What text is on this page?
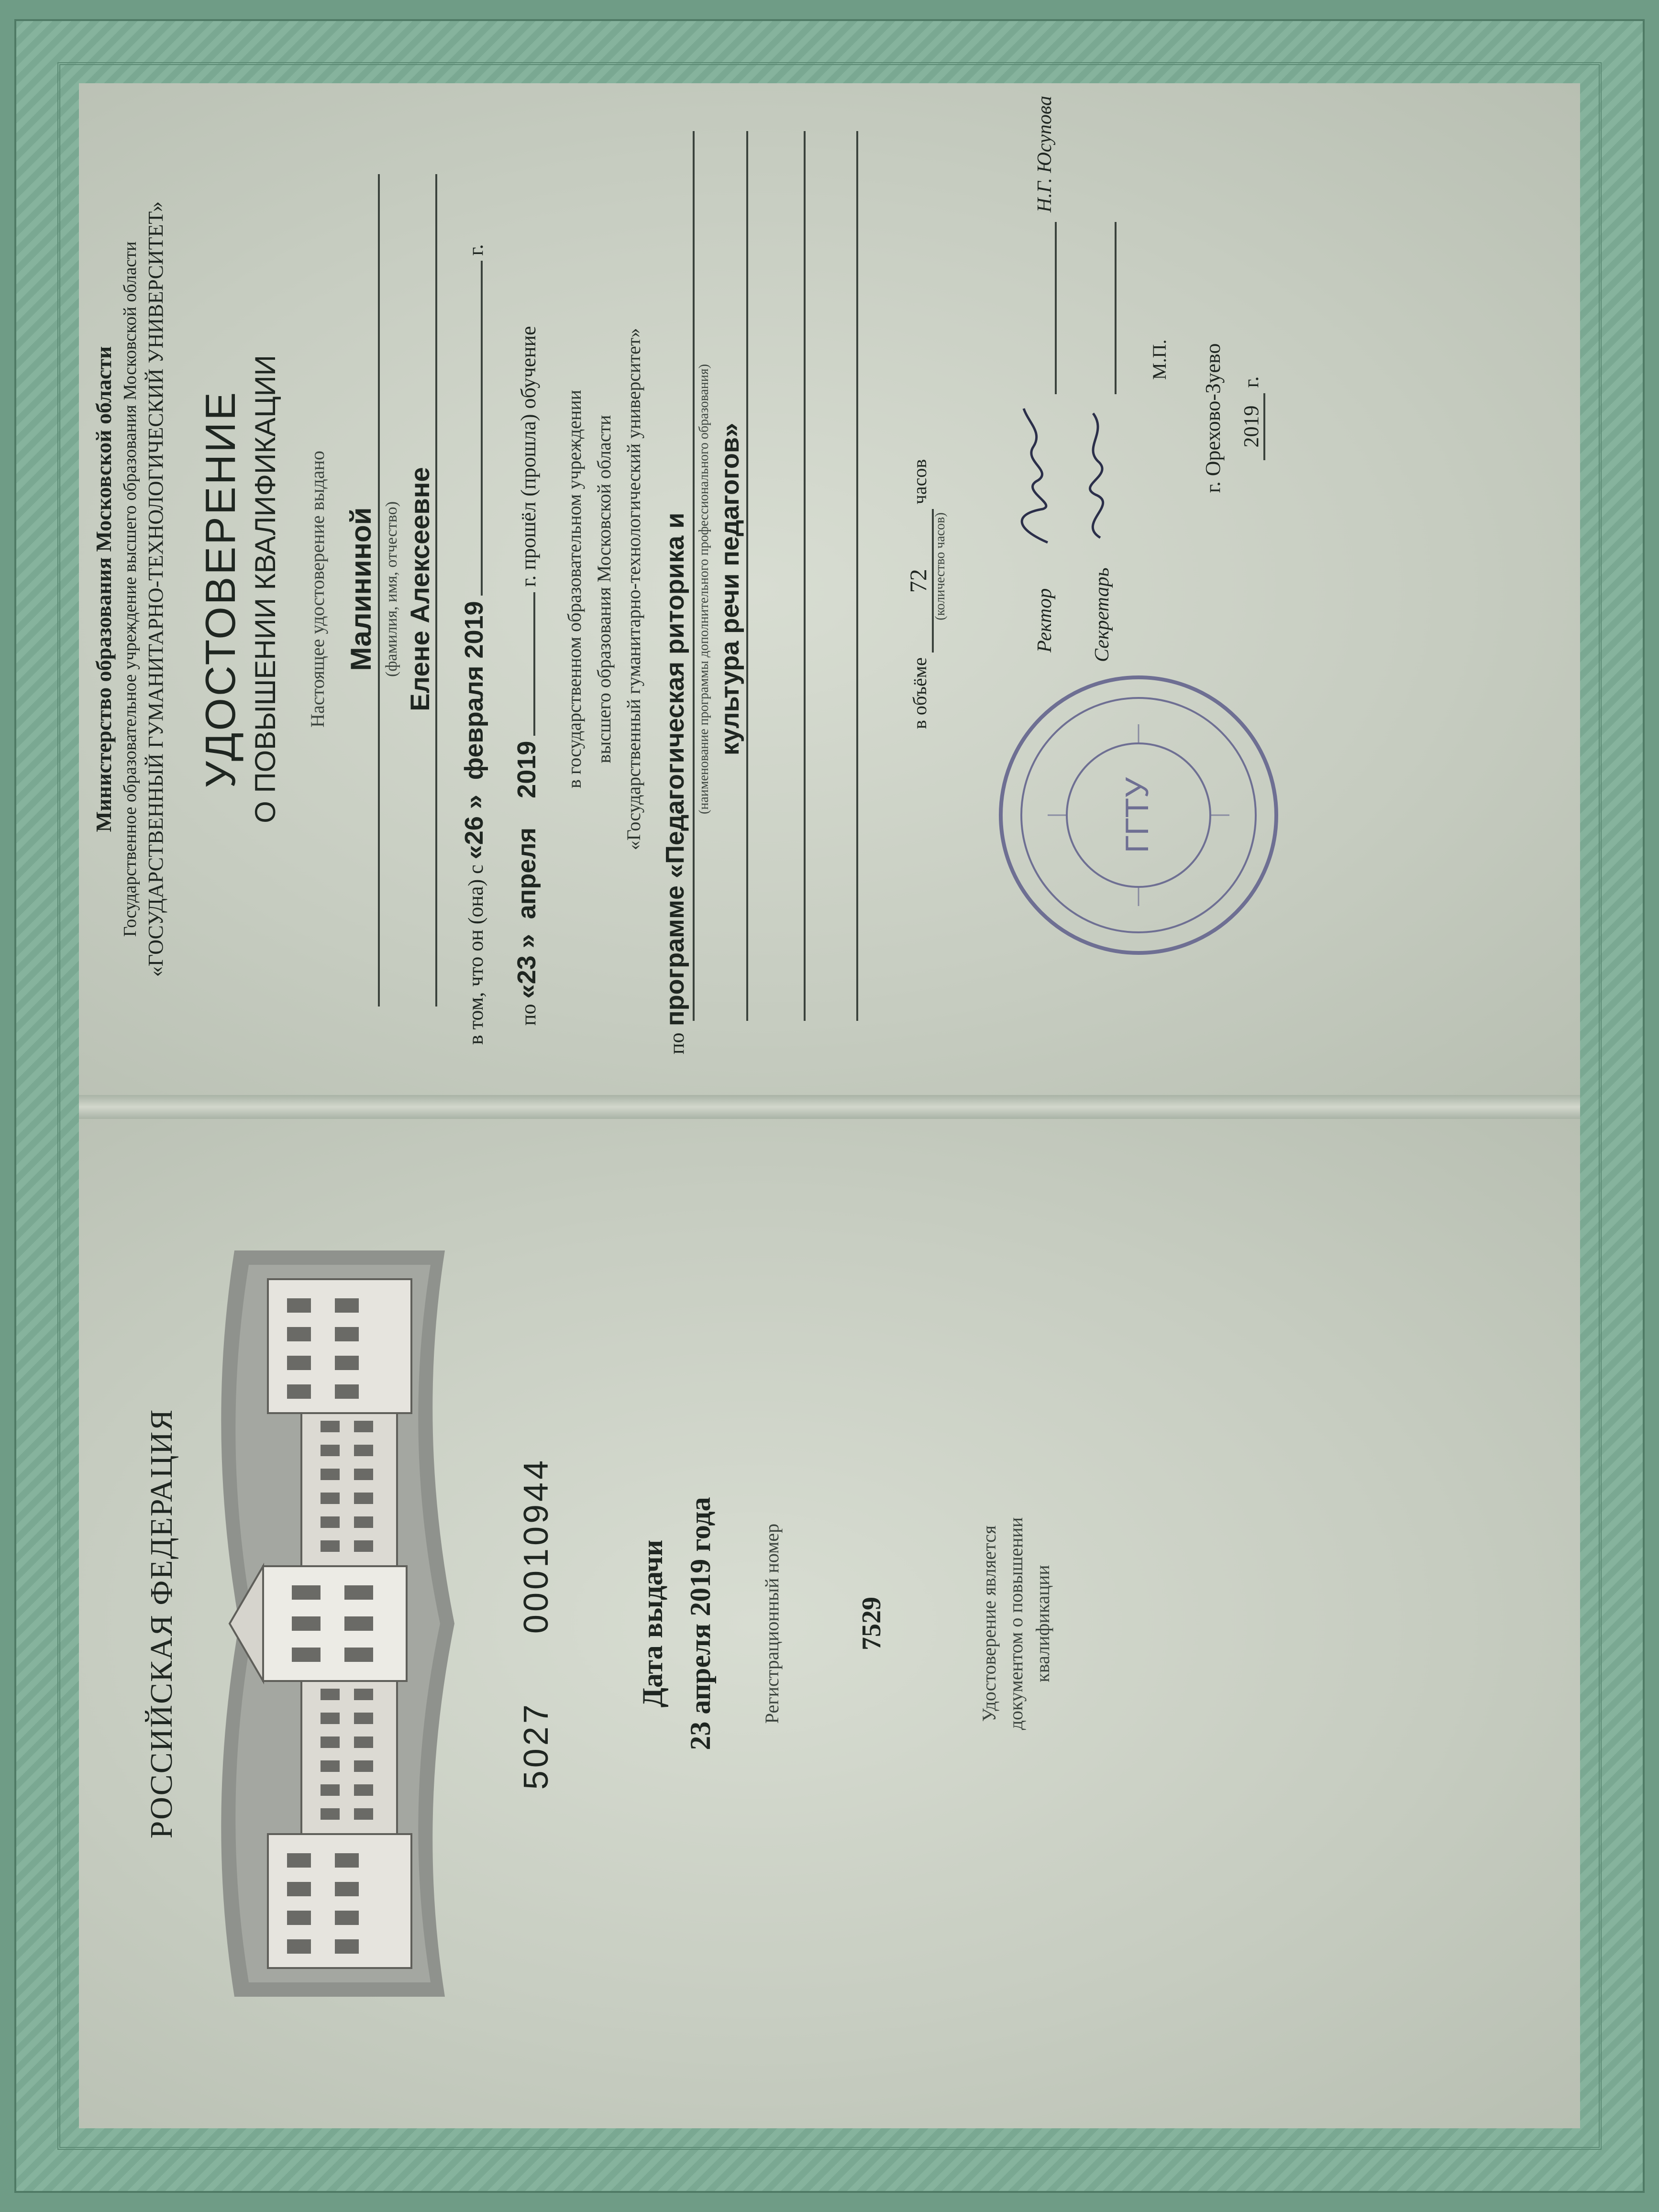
РОССИЙСКАЯ ФЕДЕРАЦИЯ	5027  00010944	Дата выдачи 23 апреля 2019 года Регистрационный номер	7529	Удостоверение является документом о повышении квалификации
Министерство образования Московской области Государственное образовательное учреждение высшего образования Московской области «ГОСУДАРСТВЕННЫЙ ГУМАНИТАРНО-ТЕХНОЛОГИЧЕСКИЙ УНИВЕРСИТЕТ» УДОСТОВЕРЕНИЕ О ПОВЫШЕНИИ КВАЛИФИКАЦИИ Настоящее удостоверение выдано Малининой (фамилия, имя, отчество) Елене Алексеевне
в том, что он (она) с «26 » февраля 2019  г.
по «23 » апреля 2019  г. прошёл (прошла) обучение в государственном образовательном учреждении высшего образования Московской области «Государственный гуманитарно-технологический университет»
по программе «Педагогическая риторика и (наименование программы дополнительного профессионального образования) культура речи педагогов»	в объёме 72 часов
(количество часов)
ГГТУ
Ректор
Н.Г. Юсупова
Секретарь
М.П. г. Орехово-Зуево 2019 г.
